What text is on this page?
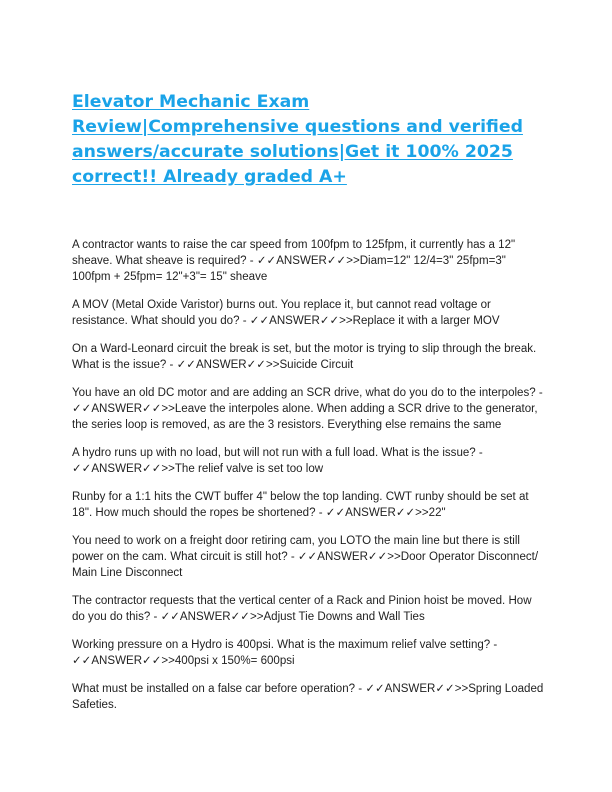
Elevator Mechanic Exam Review|Comprehensive questions and verified answers/accurate solutions|Get it 100% 2025 correct!! Already graded A+

A contractor wants to raise the car speed from 100fpm to 125fpm, it currently has a 12" sheave. What sheave is required? - ✓✓ANSWER✓✓>>Diam=12" 12/4=3" 25fpm=3" 100fpm + 25fpm= 12"+3"= 15" sheave

A MOV (Metal Oxide Varistor) burns out. You replace it, but cannot read voltage or resistance. What should you do? - ✓✓ANSWER✓✓>>Replace it with a larger MOV

On a Ward-Leonard circuit the break is set, but the motor is trying to slip through the break. What is the issue? - ✓✓ANSWER✓✓>>Suicide Circuit

You have an old DC motor and are adding an SCR drive, what do you do to the interpoles? - ✓✓ANSWER✓✓>>Leave the interpoles alone. When adding a SCR drive to the generator, the series loop is removed, as are the 3 resistors. Everything else remains the same

A hydro runs up with no load, but will not run with a full load. What is the issue? - ✓✓ANSWER✓✓>>The relief valve is set too low

Runby for a 1:1 hits the CWT buffer 4" below the top landing. CWT runby should be set at 18". How much should the ropes be shortened? - ✓✓ANSWER✓✓>>22"

You need to work on a freight door retiring cam, you LOTO the main line but there is still power on the cam. What circuit is still hot? - ✓✓ANSWER✓✓>>Door Operator Disconnect/ Main Line Disconnect

The contractor requests that the vertical center of a Rack and Pinion hoist be moved. How do you do this? - ✓✓ANSWER✓✓>>Adjust Tie Downs and Wall Ties

Working pressure on a Hydro is 400psi. What is the maximum relief valve setting? - ✓✓ANSWER✓✓>>400psi x 150%= 600psi

What must be installed on a false car before operation? - ✓✓ANSWER✓✓>>Spring Loaded Safeties.
